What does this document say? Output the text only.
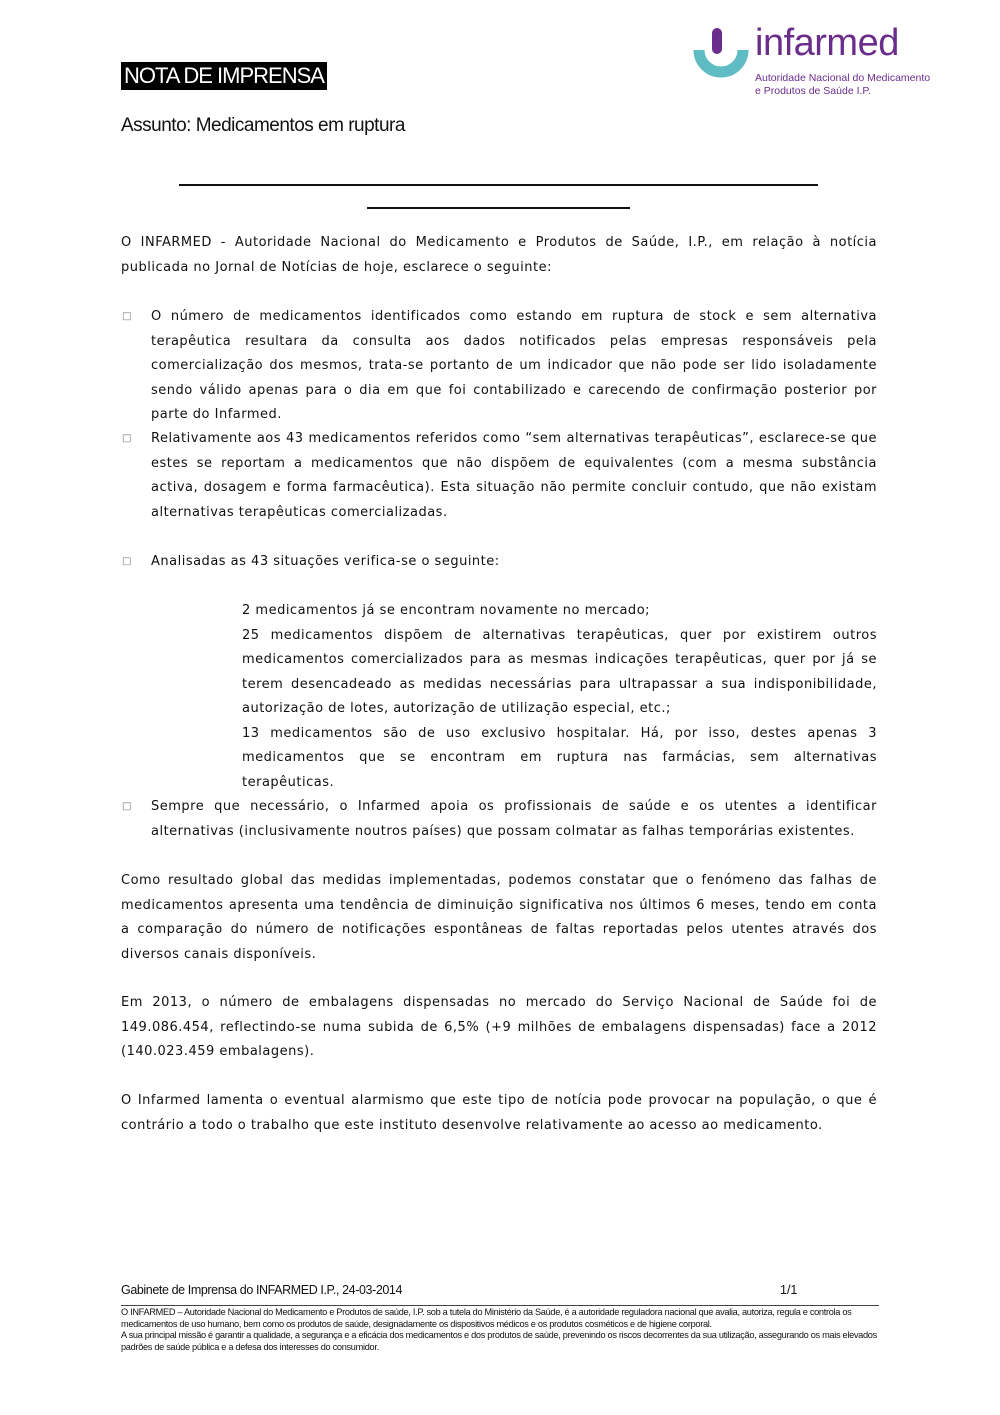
NOTA DE IMPRENSA
Assunto: Medicamentos em ruptura
infarmed
Autoridade Nacional do Medicamento
e Produtos de Saúde I.P.
O INFARMED - Autoridade Nacional do Medicamento e Produtos de Saúde, I.P., em relação à notícia publicada no Jornal de Notícias de hoje, esclarece o seguinte:
□ O número de medicamentos identificados como estando em ruptura de stock e sem alternativa terapêutica resultara da consulta aos dados notificados pelas empresas responsáveis pela comercialização dos mesmos, trata-se portanto de um indicador que não pode ser lido isoladamente sendo válido apenas para o dia em que foi contabilizado e carecendo de confirmação posterior por parte do Infarmed.
□ Relativamente aos 43 medicamentos referidos como “sem alternativas terapêuticas”, esclarece-se que estes se reportam a medicamentos que não dispõem de equivalentes (com a mesma substância activa, dosagem e forma farmacêutica). Esta situação não permite concluir contudo, que não existam alternativas terapêuticas comercializadas.
□ Analisadas as 43 situações verifica-se o seguinte:
2 medicamentos já se encontram novamente no mercado;
25 medicamentos dispõem de alternativas terapêuticas, quer por existirem outros medicamentos comercializados para as mesmas indicações terapêuticas, quer por já se terem desencadeado as medidas necessárias para ultrapassar a sua indisponibilidade, autorização de lotes, autorização de utilização especial, etc.;
13 medicamentos são de uso exclusivo hospitalar. Há, por isso, destes apenas 3 medicamentos que se encontram em ruptura nas farmácias, sem alternativas terapêuticas.
□ Sempre que necessário, o Infarmed apoia os profissionais de saúde e os utentes a identificar alternativas (inclusivamente noutros países) que possam colmatar as falhas temporárias existentes.
Como resultado global das medidas implementadas, podemos constatar que o fenómeno das falhas de medicamentos apresenta uma tendência de diminuição significativa nos últimos 6 meses, tendo em conta a comparação do número de notificações espontâneas de faltas reportadas pelos utentes através dos diversos canais disponíveis.
Em 2013, o número de embalagens dispensadas no mercado do Serviço Nacional de Saúde foi de 149.086.454, reflectindo-se numa subida de 6,5% (+9 milhões de embalagens dispensadas) face a 2012 (140.023.459 embalagens).
O Infarmed lamenta o eventual alarmismo que este tipo de notícia pode provocar na população, o que é contrário a todo o trabalho que este instituto desenvolve relativamente ao acesso ao medicamento.
Gabinete de Imprensa do INFARMED I.P., 24-03-2014	1/1
O INFARMED – Autoridade Nacional do Medicamento e Produtos de saúde, I.P. sob a tutela do Ministério da Saúde, é a autoridade reguladora nacional que avalia, autoriza, regula e controla os medicamentos de uso humano, bem como os produtos de saúde, designadamente os dispositivos médicos e os produtos cosméticos e de higiene corporal.
A sua principal missão é garantir a qualidade, a segurança e a eficácia dos medicamentos e dos produtos de saúde, prevenindo os riscos decorrentes da sua utilização, assegurando os mais elevados padrões de saúde pública e a defesa dos interesses do consumidor.
